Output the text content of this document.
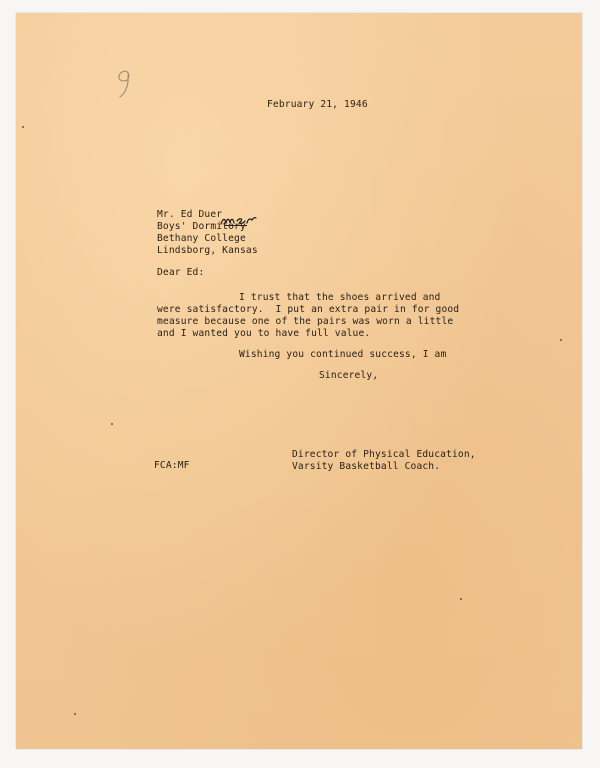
February 21, 1946

Mr. Ed Duer

Boys' Dormitory

Bethany College

Lindsborg, Kansas

Dear Ed:

I trust that the shoes arrived and

were satisfactory.  I put an extra pair in for good

measure because one of the pairs was worn a little

and I wanted you to have full value.

Wishing you continued success, I am

Sincerely,

Director of Physical Education,

Varsity Basketball Coach.

FCA:MF
